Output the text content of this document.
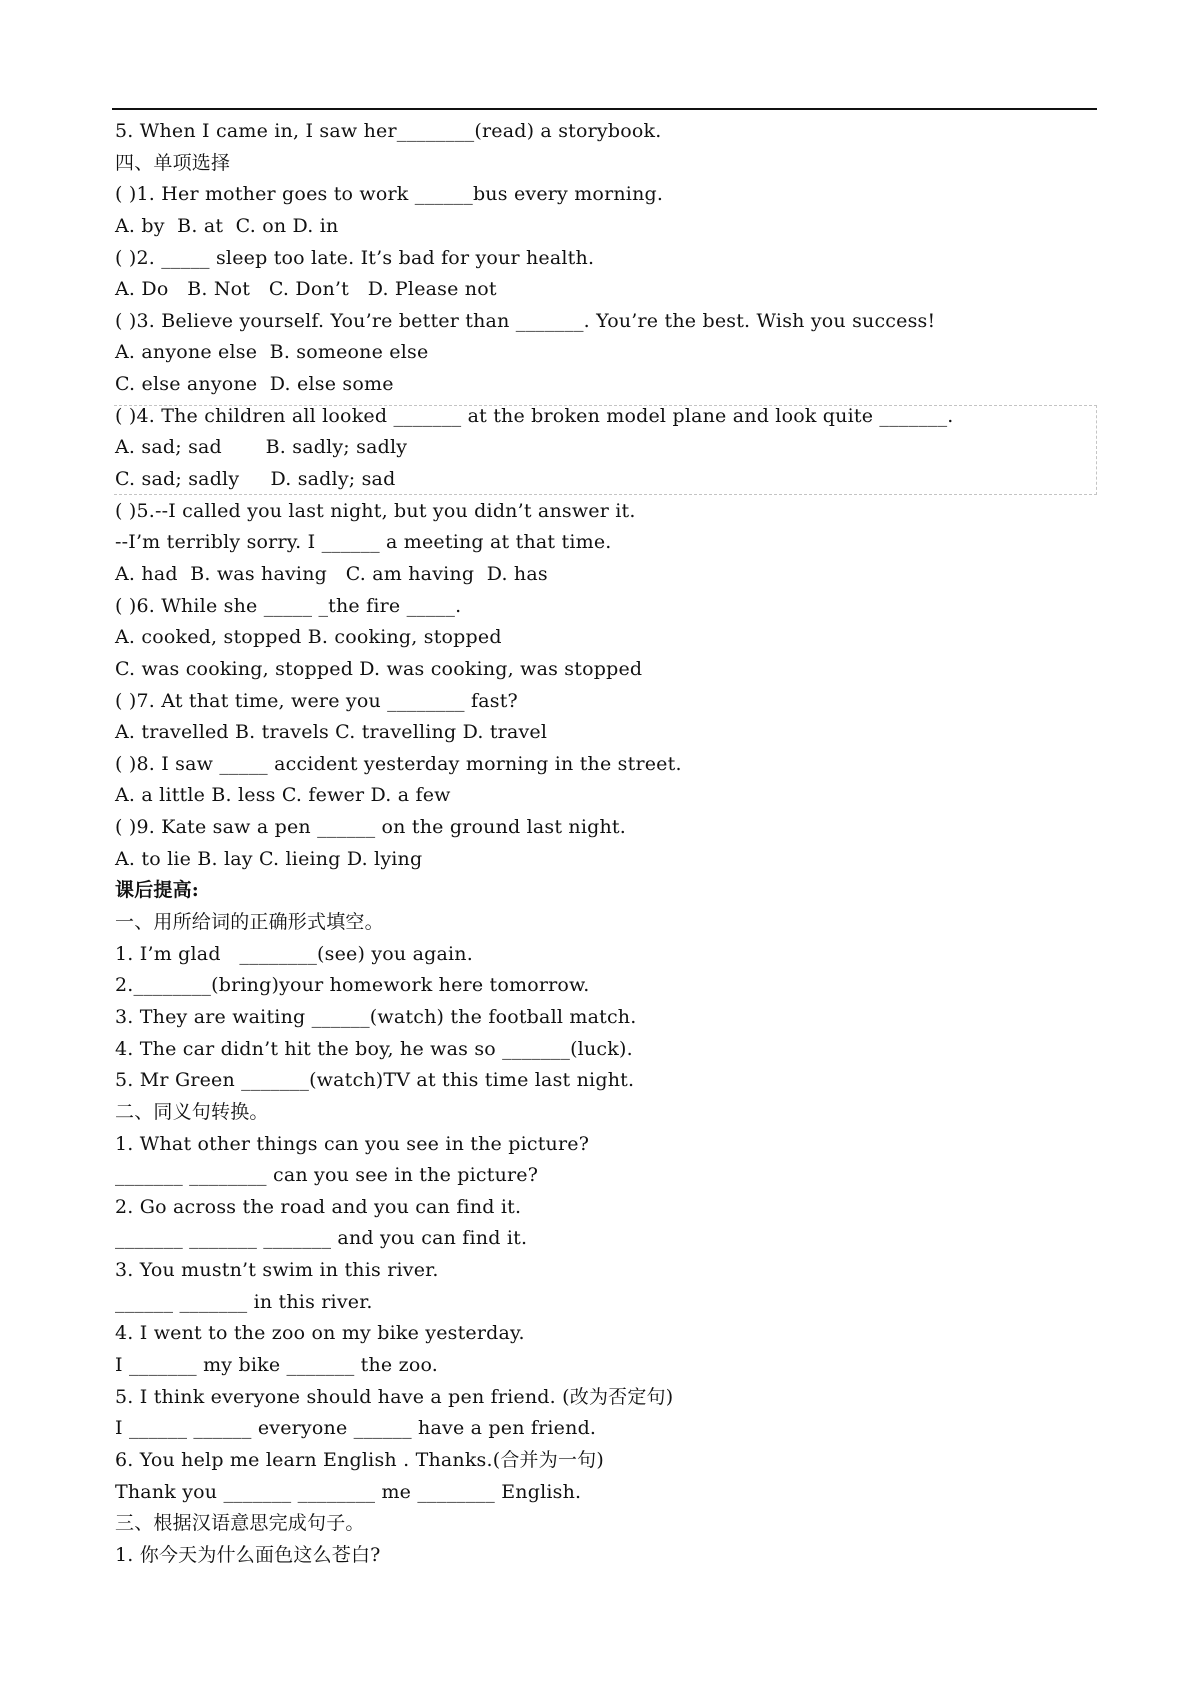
5. When I came in, I saw her________(read) a storybook.
四、单项选择
( )1. Her mother goes to work ______bus every morning.
A. by  B. at  C. on D. in
( )2. _____ sleep too late. It’s bad for your health.
A. Do   B. Not   C. Don’t   D. Please not
( )3. Believe yourself. You’re better than _______. You’re the best. Wish you success!
A. anyone else  B. someone else
C. else anyone  D. else some
( )4. The children all looked _______ at the broken model plane and look quite _______.
A. sad; sad       B. sadly; sadly
C. sad; sadly     D. sadly; sad
( )5.--I called you last night, but you didn’t answer it.
--I’m terribly sorry. I ______ a meeting at that time.
A. had  B. was having   C. am having  D. has
( )6. While she _____ _the fire _____.
A. cooked, stopped B. cooking, stopped
C. was cooking, stopped D. was cooking, was stopped
( )7. At that time, were you ________ fast?
A. travelled B. travels C. travelling D. travel
( )8. I saw _____ accident yesterday morning in the street.
A. a little B. less C. fewer D. a few
( )9. Kate saw a pen ______ on the ground last night.
A. to lie B. lay C. lieing D. lying
课后提高:
一、用所给词的正确形式填空。
1. I’m glad   ________(see) you again.
2.________(bring)your homework here tomorrow.
3. They are waiting ______(watch) the football match.
4. The car didn’t hit the boy, he was so _______(luck).
5. Mr Green _______(watch)TV at this time last night.
二、同义句转换。
1. What other things can you see in the picture?
_______ ________ can you see in the picture?
2. Go across the road and you can find it.
_______ _______ _______ and you can find it.
3. You mustn’t swim in this river.
______ _______ in this river.
4. I went to the zoo on my bike yesterday.
I _______ my bike _______ the zoo.
5. I think everyone should have a pen friend. (改为否定句)
I ______ ______ everyone ______ have a pen friend.
6. You help me learn English . Thanks.(合并为一句)
Thank you _______ ________ me ________ English.
三、根据汉语意思完成句子。
1. 你今天为什么面色这么苍白?
